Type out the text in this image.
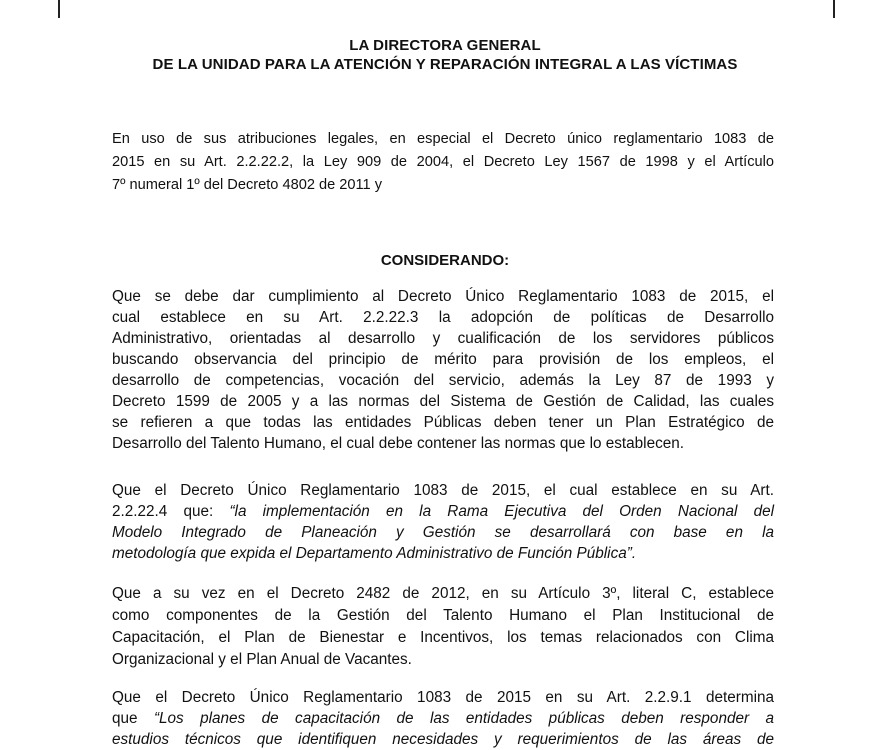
LA DIRECTORA GENERAL
DE LA UNIDAD PARA LA ATENCIÓN Y REPARACIÓN INTEGRAL A LAS VÍCTIMAS
En uso de sus atribuciones legales, en especial el Decreto único reglamentario 1083 de
2015 en su Art. 2.2.22.2, la Ley 909 de 2004, el Decreto Ley 1567 de 1998 y el Artículo
7º numeral 1º del Decreto 4802 de 2011 y
CONSIDERANDO:
Que se debe dar cumplimiento al Decreto Único Reglamentario 1083 de 2015, el
cual establece en su Art. 2.2.22.3 la adopción de políticas de Desarrollo
Administrativo, orientadas al desarrollo y cualificación de los servidores públicos
buscando observancia del principio de mérito para provisión de los empleos, el
desarrollo de competencias, vocación del servicio, además la Ley 87 de 1993 y
Decreto 1599 de 2005 y a las normas del Sistema de Gestión de Calidad, las cuales
se refieren a que todas las entidades Públicas deben tener un Plan Estratégico de
Desarrollo del Talento Humano, el cual debe contener las normas que lo establecen.
Que el Decreto Único Reglamentario 1083 de 2015, el cual establece en su Art.
2.2.22.4 que: “la implementación en la Rama Ejecutiva del Orden Nacional del
Modelo Integrado de Planeación y Gestión se desarrollará con base en la
metodología que expida el Departamento Administrativo de Función Pública”.
Que a su vez en el Decreto 2482 de 2012, en su Artículo 3º, literal C, establece
como componentes de la Gestión del Talento Humano el Plan Institucional de
Capacitación, el Plan de Bienestar e Incentivos, los temas relacionados con Clima
Organizacional y el Plan Anual de Vacantes.
Que el Decreto Único Reglamentario 1083 de 2015 en su Art. 2.2.9.1 determina
que “Los planes de capacitación de las entidades públicas deben responder a
estudios técnicos que identifiquen necesidades y requerimientos de las áreas de
